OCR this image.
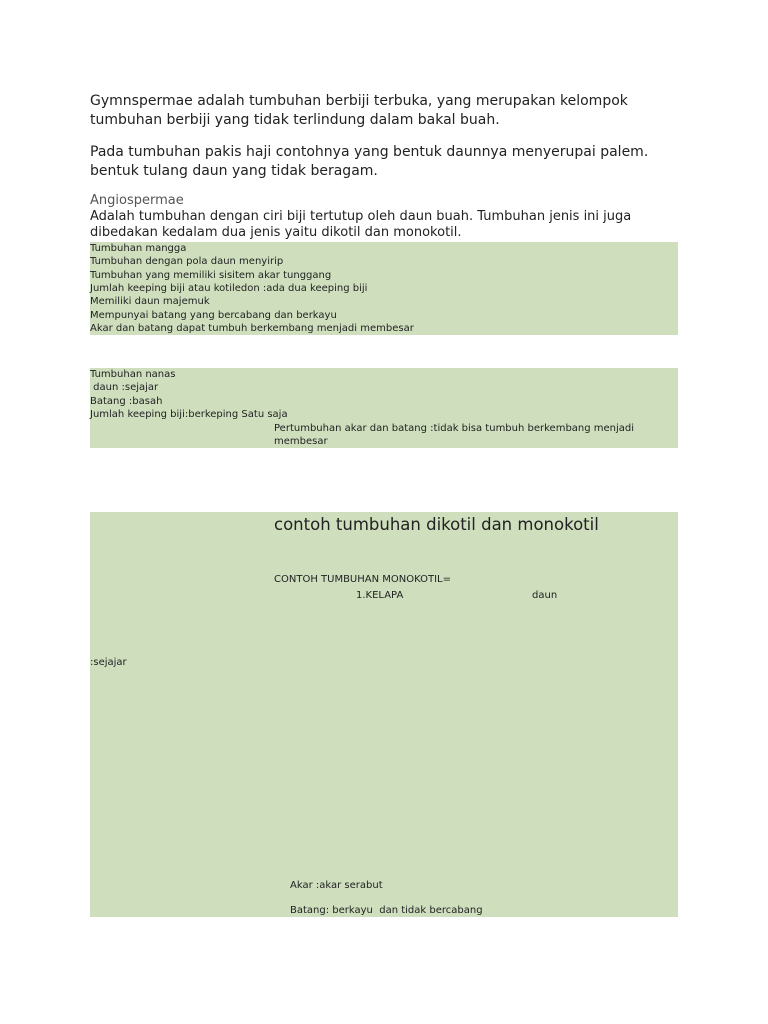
Gymnspermae adalah tumbuhan berbiji terbuka, yang merupakan kelompok
tumbuhan berbiji yang tidak terlindung dalam bakal buah.

Pada tumbuhan pakis haji contohnya yang bentuk daunnya menyerupai palem.
bentuk tulang daun yang tidak beragam.

Angiospermae

Adalah tumbuhan dengan ciri biji tertutup oleh daun buah. Tumbuhan jenis ini juga
dibedakan kedalam dua jenis yaitu dikotil dan monokotil.

Tumbuhan mangga
Tumbuhan dengan pola daun menyirip
Tumbuhan yang memiliki sisitem akar tunggang
Jumlah keeping biji atau kotiledon :ada dua keeping biji
Memiliki daun majemuk
Mempunyai batang yang bercabang dan berkayu
Akar dan batang dapat tumbuh berkembang menjadi membesar
Tumbuhan nanas
daun :sejajar
Batang :basah
Jumlah keeping biji:berkeping Satu saja
Pertumbuhan akar dan batang :tidak bisa tumbuh berkembang menjadi
membesar
contoh tumbuhan dikotil dan monokotil
CONTOH TUMBUHAN MONOKOTIL=
1.KELAPA	daun
:sejajar
Akar :akar serabut
Batang: berkayu  dan tidak bercabang
